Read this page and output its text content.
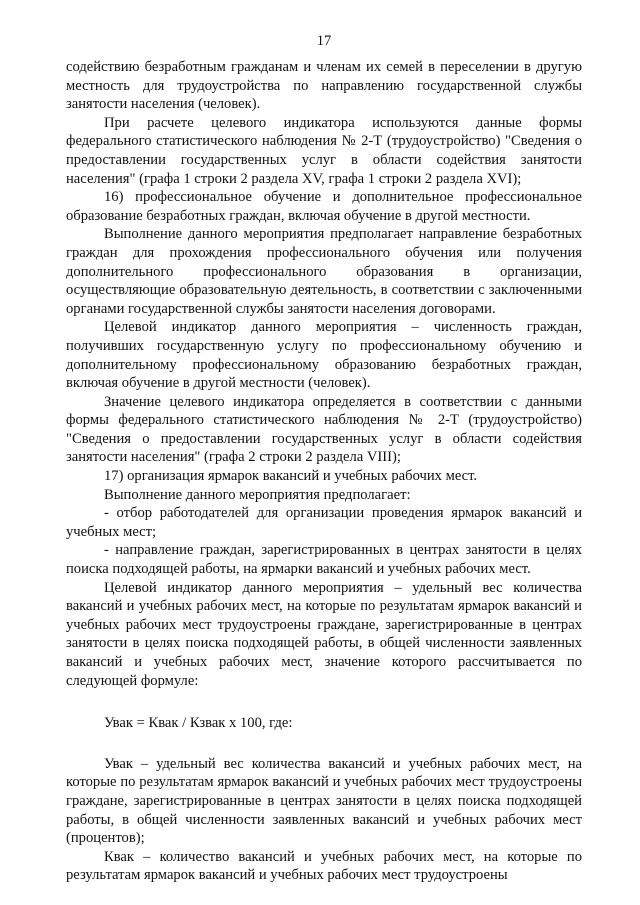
17

содействию безработным гражданам и членам их семей в переселении в другую местность для трудоустройства по направлению государственной службы занятости населения (человек).

При расчете целевого индикатора используются данные формы федерального статистического наблюдения № 2-Т (трудоустройство) "Сведения о предоставлении государственных услуг в области содействия занятости населения" (графа 1 строки 2 раздела XV, графа 1 строки 2 раздела XVI);

16) профессиональное обучение и дополнительное профессиональное образование безработных граждан, включая обучение в другой местности.

Выполнение данного мероприятия предполагает направление безработных граждан для прохождения профессионального обучения или получения дополнительного профессионального образования в организации, осуществляющие образовательную деятельность, в соответствии с заключенными органами государственной службы занятости населения договорами.

Целевой индикатор данного мероприятия – численность граждан, получивших государственную услугу по профессиональному обучению и дополнительному профессиональному образованию безработных граждан, включая обучение в другой местности (человек).

Значение целевого индикатора определяется в соответствии с данными формы федерального статистического наблюдения № 2-Т (трудоустройство) "Сведения о предоставлении государственных услуг в области содействия занятости населения" (графа 2 строки 2 раздела VIII);

17) организация ярмарок вакансий и учебных рабочих мест.

Выполнение данного мероприятия предполагает:

- отбор работодателей для организации проведения ярмарок вакансий и учебных мест;

- направление граждан, зарегистрированных в центрах занятости в целях поиска подходящей работы, на ярмарки вакансий и учебных рабочих мест.

Целевой индикатор данного мероприятия – удельный вес количества вакансий и учебных рабочих мест, на которые по результатам ярмарок вакансий и учебных рабочих мест трудоустроены граждане, зарегистрированные в центрах занятости в целях поиска подходящей работы, в общей численности заявленных вакансий и учебных рабочих мест, значение которого рассчитывается по следующей формуле:

Увак = Квак / Кзвак х 100, где:

Увак – удельный вес количества вакансий и учебных рабочих мест, на которые по результатам ярмарок вакансий и учебных рабочих мест трудоустроены граждане, зарегистрированные в центрах занятости в целях поиска подходящей работы, в общей численности заявленных вакансий и учебных рабочих мест (процентов);

Квак – количество вакансий и учебных рабочих мест, на которые по результатам ярмарок вакансий и учебных рабочих мест трудоустроены
